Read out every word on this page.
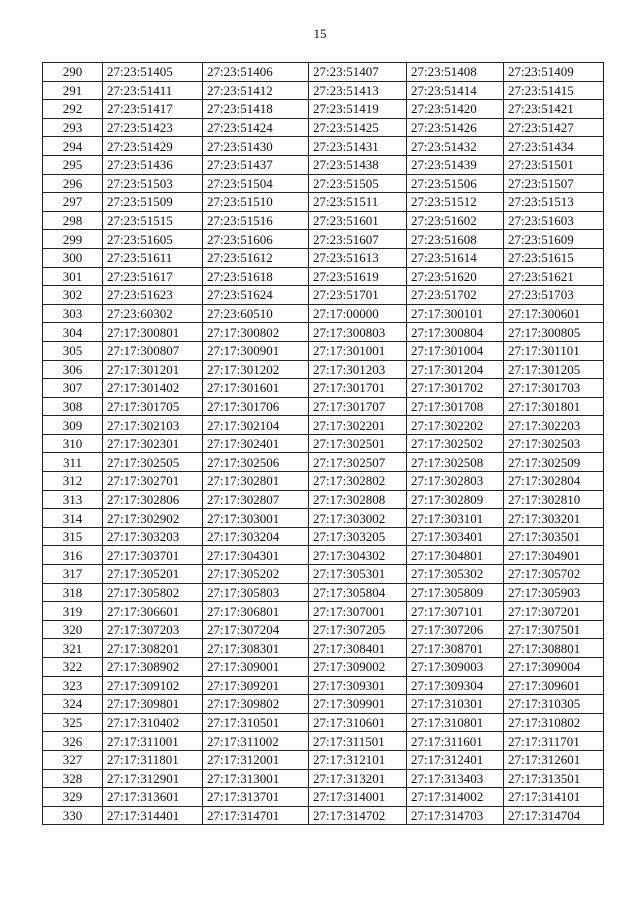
15
290	27:23:51405	27:23:51406	27:23:51407	27:23:51408	27:23:51409
291	27:23:51411	27:23:51412	27:23:51413	27:23:51414	27:23:51415
292	27:23:51417	27:23:51418	27:23:51419	27:23:51420	27:23:51421
293	27:23:51423	27:23:51424	27:23:51425	27:23:51426	27:23:51427
294	27:23:51429	27:23:51430	27:23:51431	27:23:51432	27:23:51434
295	27:23:51436	27:23:51437	27:23:51438	27:23:51439	27:23:51501
296	27:23:51503	27:23:51504	27:23:51505	27:23:51506	27:23:51507
297	27:23:51509	27:23:51510	27:23:51511	27:23:51512	27:23:51513
298	27:23:51515	27:23:51516	27:23:51601	27:23:51602	27:23:51603
299	27:23:51605	27:23:51606	27:23:51607	27:23:51608	27:23:51609
300	27:23:51611	27:23:51612	27:23:51613	27:23:51614	27:23:51615
301	27:23:51617	27:23:51618	27:23:51619	27:23:51620	27:23:51621
302	27:23:51623	27:23:51624	27:23:51701	27:23:51702	27:23:51703
303	27:23:60302	27:23:60510	27:17:00000	27:17:300101	27:17:300601
304	27:17:300801	27:17:300802	27:17:300803	27:17:300804	27:17:300805
305	27:17:300807	27:17:300901	27:17:301001	27:17:301004	27:17:301101
306	27:17:301201	27:17:301202	27:17:301203	27:17:301204	27:17:301205
307	27:17:301402	27:17:301601	27:17:301701	27:17:301702	27:17:301703
308	27:17:301705	27:17:301706	27:17:301707	27:17:301708	27:17:301801
309	27:17:302103	27:17:302104	27:17:302201	27:17:302202	27:17:302203
310	27:17:302301	27:17:302401	27:17:302501	27:17:302502	27:17:302503
311	27:17:302505	27:17:302506	27:17:302507	27:17:302508	27:17:302509
312	27:17:302701	27:17:302801	27:17:302802	27:17:302803	27:17:302804
313	27:17:302806	27:17:302807	27:17:302808	27:17:302809	27:17:302810
314	27:17:302902	27:17:303001	27:17:303002	27:17:303101	27:17:303201
315	27:17:303203	27:17:303204	27:17:303205	27:17:303401	27:17:303501
316	27:17:303701	27:17:304301	27:17:304302	27:17:304801	27:17:304901
317	27:17:305201	27:17:305202	27:17:305301	27:17:305302	27:17:305702
318	27:17:305802	27:17:305803	27:17:305804	27:17:305809	27:17:305903
319	27:17:306601	27:17:306801	27:17:307001	27:17:307101	27:17:307201
320	27:17:307203	27:17:307204	27:17:307205	27:17:307206	27:17:307501
321	27:17:308201	27:17:308301	27:17:308401	27:17:308701	27:17:308801
322	27:17:308902	27:17:309001	27:17:309002	27:17:309003	27:17:309004
323	27:17:309102	27:17:309201	27:17:309301	27:17:309304	27:17:309601
324	27:17:309801	27:17:309802	27:17:309901	27:17:310301	27:17:310305
325	27:17:310402	27:17:310501	27:17:310601	27:17:310801	27:17:310802
326	27:17:311001	27:17:311002	27:17:311501	27:17:311601	27:17:311701
327	27:17:311801	27:17:312001	27:17:312101	27:17:312401	27:17:312601
328	27:17:312901	27:17:313001	27:17:313201	27:17:313403	27:17:313501
329	27:17:313601	27:17:313701	27:17:314001	27:17:314002	27:17:314101
330	27:17:314401	27:17:314701	27:17:314702	27:17:314703	27:17:314704
